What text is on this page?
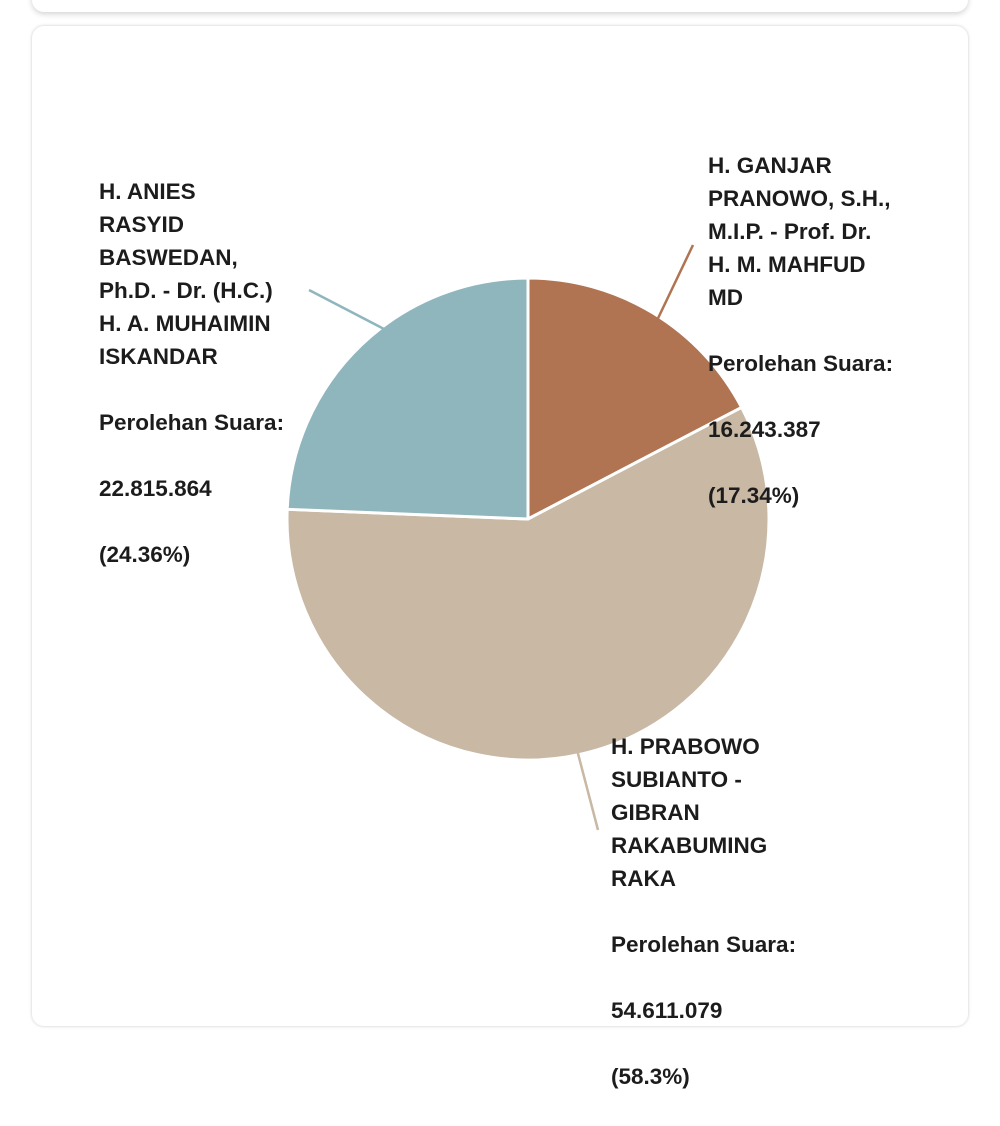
H. ANIES
RASYID
BASWEDAN,
Ph.D. - Dr. (H.C.)
H. A. MUHAIMIN
ISKANDAR

Perolehan Suara:

22.815.864

(24.36%)

H. GANJAR
PRANOWO, S.H.,
M.I.P. - Prof. Dr.
H. M. MAHFUD
MD

Perolehan Suara:

16.243.387

(17.34%)

H. PRABOWO
SUBIANTO -
GIBRAN
RAKABUMING
RAKA

Perolehan Suara:

54.611.079

(58.3%)
